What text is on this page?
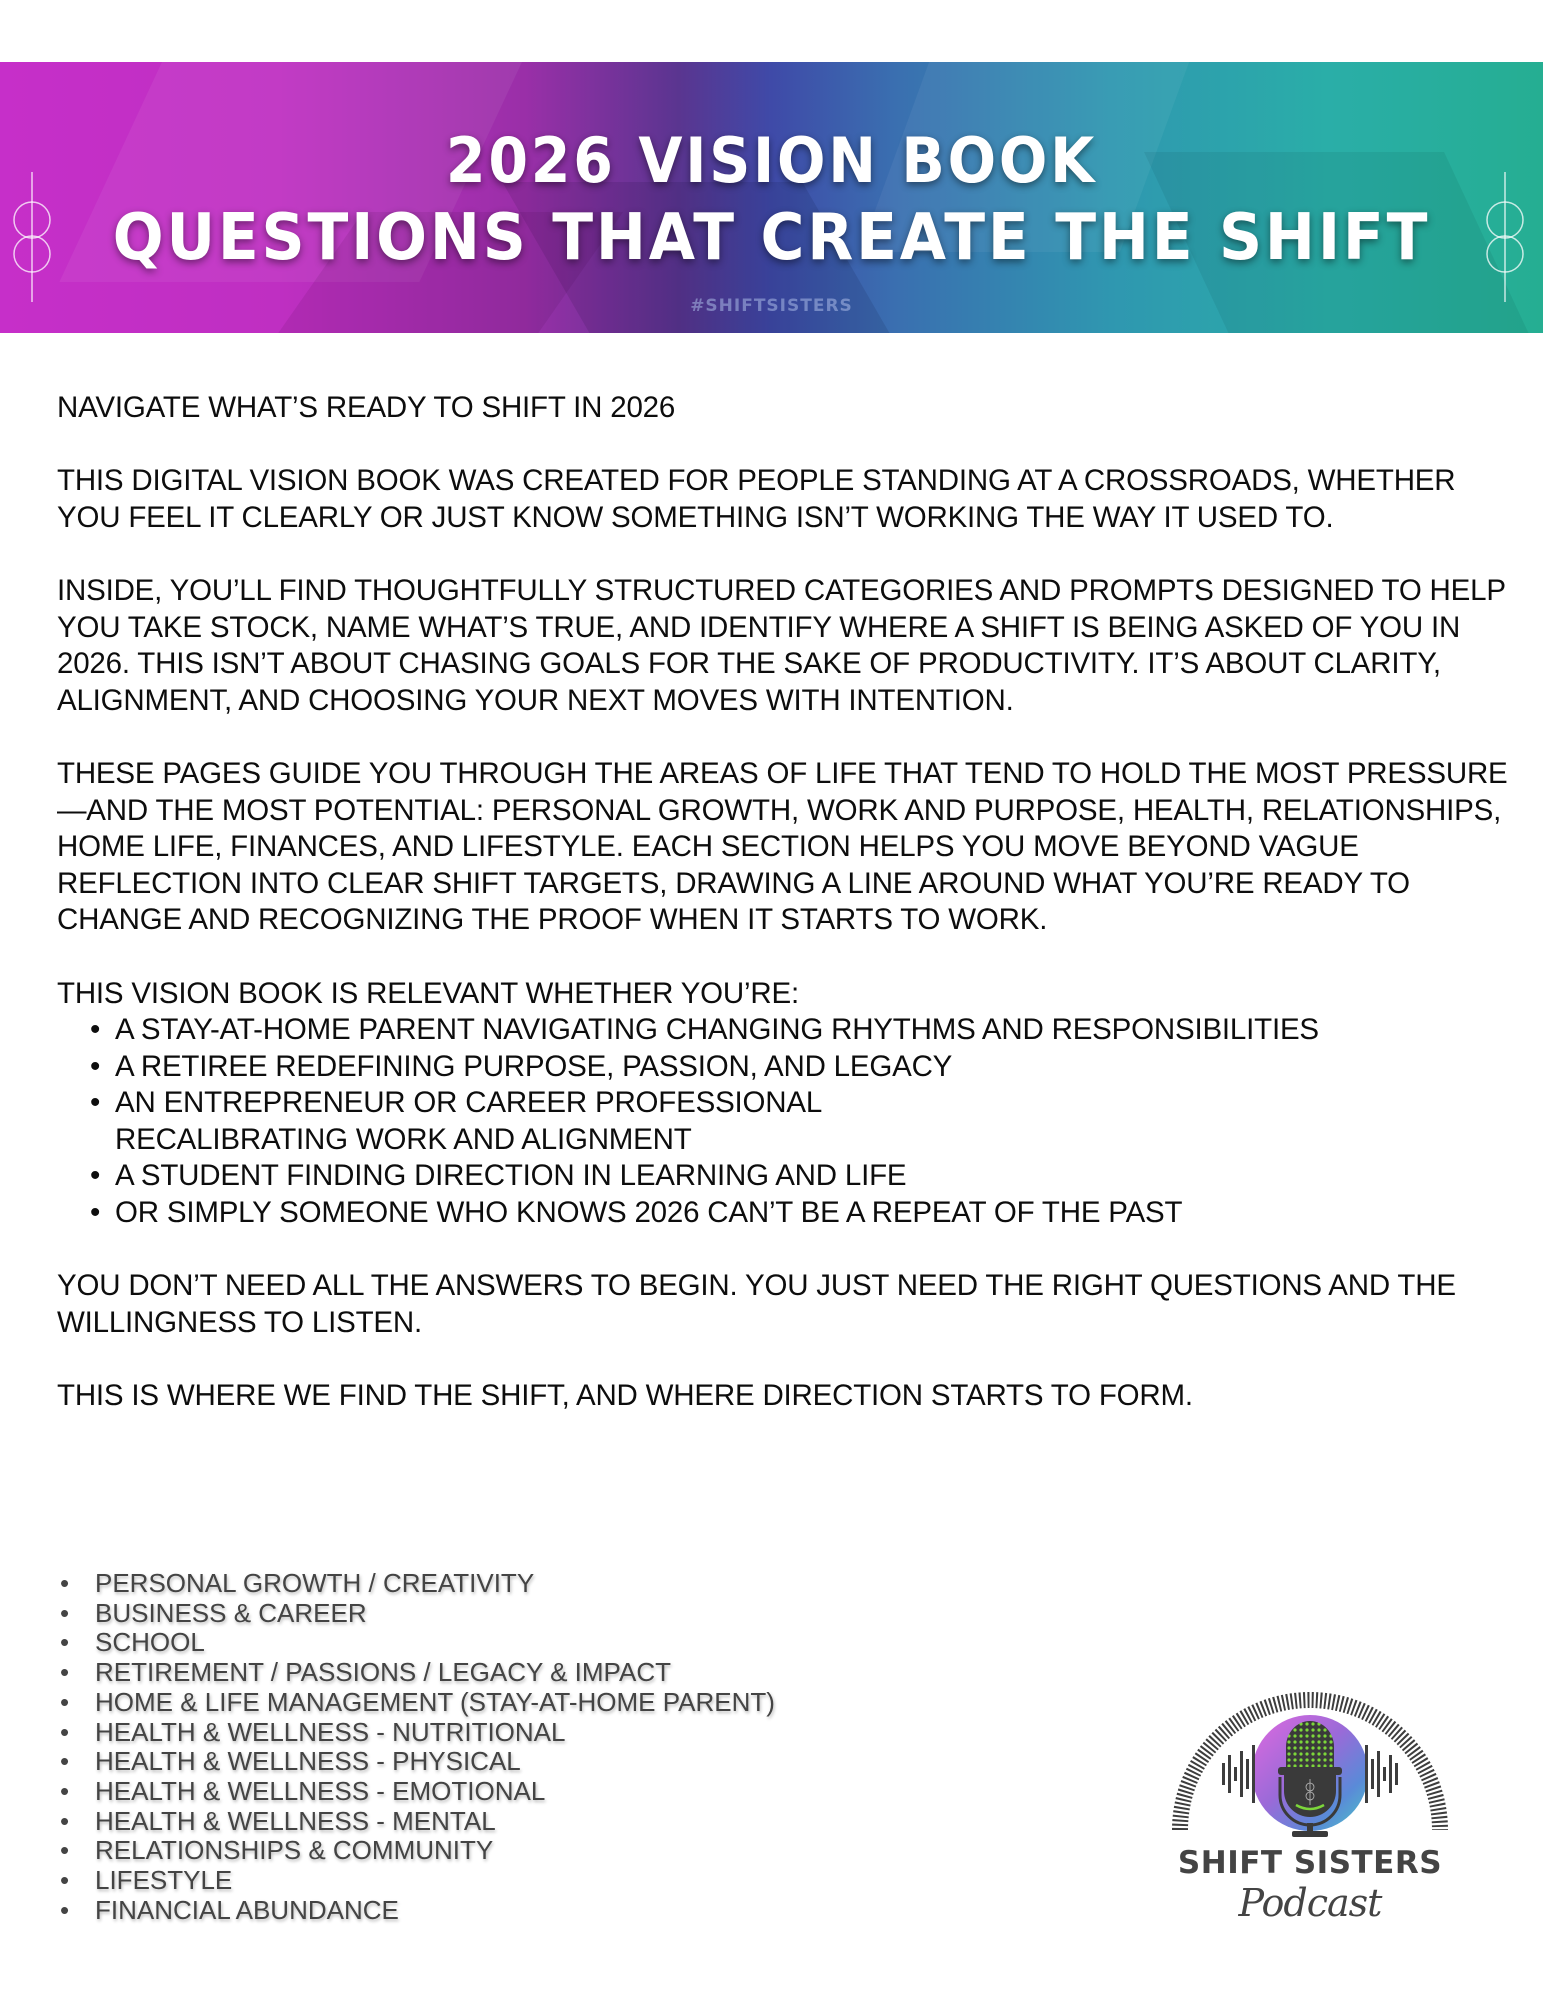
2026 VISION BOOK
QUESTIONS THAT CREATE THE SHIFT
#SHIFTSISTERS

NAVIGATE WHAT’S READY TO SHIFT IN 2026

THIS DIGITAL VISION BOOK WAS CREATED FOR PEOPLE STANDING AT A CROSSROADS, WHETHER YOU FEEL IT CLEARLY OR JUST KNOW SOMETHING ISN’T WORKING THE WAY IT USED TO.

INSIDE, YOU’LL FIND THOUGHTFULLY STRUCTURED CATEGORIES AND PROMPTS DESIGNED TO HELP YOU TAKE STOCK, NAME WHAT’S TRUE, AND IDENTIFY WHERE A SHIFT IS BEING ASKED OF YOU IN 2026. THIS ISN’T ABOUT CHASING GOALS FOR THE SAKE OF PRODUCTIVITY. IT’S ABOUT CLARITY, ALIGNMENT, AND CHOOSING YOUR NEXT MOVES WITH INTENTION.

THESE PAGES GUIDE YOU THROUGH THE AREAS OF LIFE THAT TEND TO HOLD THE MOST PRESSURE—AND THE MOST POTENTIAL: PERSONAL GROWTH, WORK AND PURPOSE, HEALTH, RELATIONSHIPS, HOME LIFE, FINANCES, AND LIFESTYLE. EACH SECTION HELPS YOU MOVE BEYOND VAGUE REFLECTION INTO CLEAR SHIFT TARGETS, DRAWING A LINE AROUND WHAT YOU’RE READY TO CHANGE AND RECOGNIZING THE PROOF WHEN IT STARTS TO WORK.

THIS VISION BOOK IS RELEVANT WHETHER YOU’RE:

• A STAY-AT-HOME PARENT NAVIGATING CHANGING RHYTHMS AND RESPONSIBILITIES
• A RETIREE REDEFINING PURPOSE, PASSION, AND LEGACY
• AN ENTREPRENEUR OR CAREER PROFESSIONAL RECALIBRATING WORK AND ALIGNMENT
• A STUDENT FINDING DIRECTION IN LEARNING AND LIFE
• OR SIMPLY SOMEONE WHO KNOWS 2026 CAN’T BE A REPEAT OF THE PAST

YOU DON’T NEED ALL THE ANSWERS TO BEGIN. YOU JUST NEED THE RIGHT QUESTIONS AND THE WILLINGNESS TO LISTEN.

THIS IS WHERE WE FIND THE SHIFT, AND WHERE DIRECTION STARTS TO FORM.

• PERSONAL GROWTH / CREATIVITY
• BUSINESS & CAREER
• SCHOOL
• RETIREMENT / PASSIONS / LEGACY & IMPACT
• HOME & LIFE MANAGEMENT (STAY-AT-HOME PARENT)
• HEALTH & WELLNESS - NUTRITIONAL
• HEALTH & WELLNESS - PHYSICAL
• HEALTH & WELLNESS - EMOTIONAL
• HEALTH & WELLNESS - MENTAL
• RELATIONSHIPS & COMMUNITY
• LIFESTYLE
• FINANCIAL ABUNDANCE
SHIFT SISTERS
Podcast
